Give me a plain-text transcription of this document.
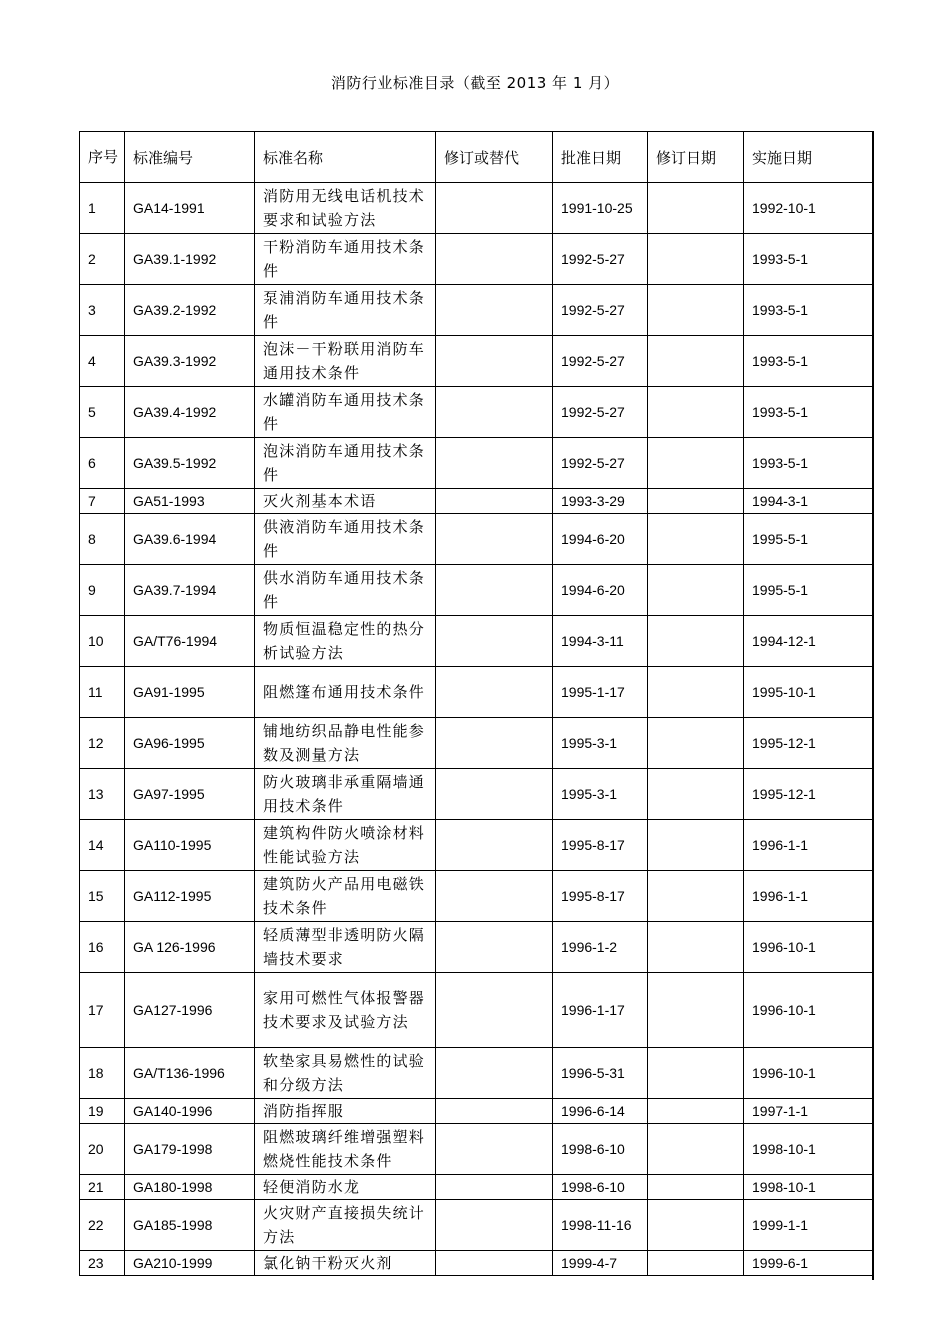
消防行业标准目录（截至 2013 年 1 月）
序号	标准编号	标准名称	修订或替代	批准日期	修订日期	实施日期
1	GA14-1991	消防用无线电话机技术要求和试验方法		1991-10-25		1992-10-1
2	GA39.1-1992	干粉消防车通用技术条件		1992-5-27		1993-5-1
3	GA39.2-1992	泵浦消防车通用技术条件		1992-5-27		1993-5-1
4	GA39.3-1992	泡沫－干粉联用消防车通用技术条件		1992-5-27		1993-5-1
5	GA39.4-1992	水罐消防车通用技术条件		1992-5-27		1993-5-1
6	GA39.5-1992	泡沫消防车通用技术条件		1992-5-27		1993-5-1
7	GA51-1993	灭火剂基本术语		1993-3-29		1994-3-1
8	GA39.6-1994	供液消防车通用技术条件		1994-6-20		1995-5-1
9	GA39.7-1994	供水消防车通用技术条件		1994-6-20		1995-5-1
10	GA/T76-1994	物质恒温稳定性的热分析试验方法		1994-3-11		1994-12-1
11	GA91-1995	阻燃篷布通用技术条件		1995-1-17		1995-10-1
12	GA96-1995	铺地纺织品静电性能参数及测量方法		1995-3-1		1995-12-1
13	GA97-1995	防火玻璃非承重隔墙通用技术条件		1995-3-1		1995-12-1
14	GA110-1995	建筑构件防火喷涂材料性能试验方法		1995-8-17		1996-1-1
15	GA112-1995	建筑防火产品用电磁铁技术条件		1995-8-17		1996-1-1
16	GA 126-1996	轻质薄型非透明防火隔墙技术要求		1996-1-2		1996-10-1
17	GA127-1996	家用可燃性气体报警器技术要求及试验方法		1996-1-17		1996-10-1
18	GA/T136-1996	软垫家具易燃性的试验和分级方法		1996-5-31		1996-10-1
19	GA140-1996	消防指挥服		1996-6-14		1997-1-1
20	GA179-1998	阻燃玻璃纤维增强塑料燃烧性能技术条件		1998-6-10		1998-10-1
21	GA180-1998	轻便消防水龙		1998-6-10		1998-10-1
22	GA185-1998	火灾财产直接损失统计方法		1998-11-16		1999-1-1
23	GA210-1999	氯化钠干粉灭火剂		1999-4-7		1999-6-1
